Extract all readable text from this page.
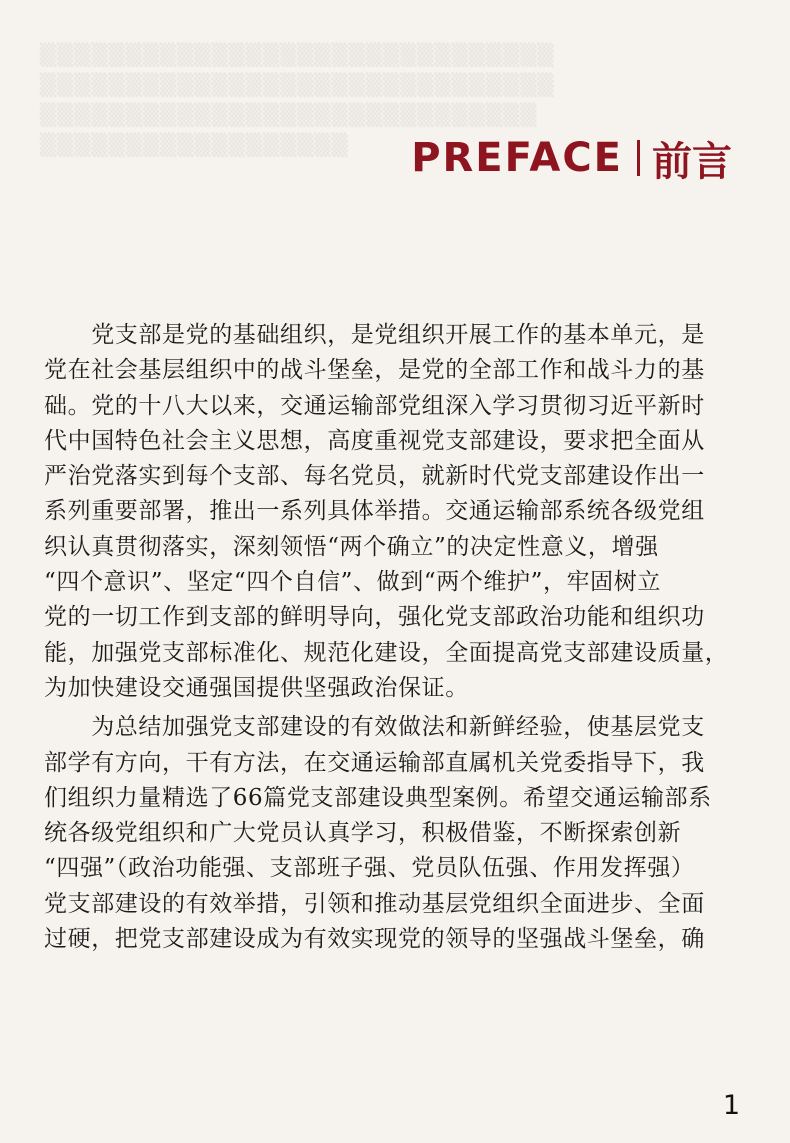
▒▒▒▒▒▒▒▒▒▒▒▒▒▒▒▒▒▒▒▒▒▒▒▒▒▒▒▒▒▒
▒▒▒▒▒▒▒▒▒▒▒▒▒▒▒▒▒▒▒▒▒▒▒▒▒▒▒▒▒▒
▒▒▒▒▒▒▒▒▒▒▒▒▒▒▒▒▒▒▒▒▒▒▒▒▒▒▒▒▒
▒▒▒▒▒▒▒▒▒▒▒▒▒▒▒▒▒▒	PREFACE 前言
　　党支部是党的基础组织，是党组织开展工作的基本单元，是
党在社会基层组织中的战斗堡垒，是党的全部工作和战斗力的基
础。党的十八大以来，交通运输部党组深入学习贯彻习近平新时
代中国特色社会主义思想，高度重视党支部建设，要求把全面从
严治党落实到每个支部、每名党员，就新时代党支部建设作出一
系列重要部署，推出一系列具体举措。交通运输部系统各级党组
织认真贯彻落实，深刻领悟“两个确立”的决定性意义，增强
“四个意识”、坚定“四个自信”、做到“两个维护”，牢固树立
党的一切工作到支部的鲜明导向，强化党支部政治功能和组织功
能，加强党支部标准化、规范化建设，全面提高党支部建设质量，
为加快建设交通强国提供坚强政治保证。
　　为总结加强党支部建设的有效做法和新鲜经验，使基层党支
部学有方向，干有方法，在交通运输部直属机关党委指导下，我
们组织力量精选了66篇党支部建设典型案例。希望交通运输部系
统各级党组织和广大党员认真学习，积极借鉴，不断探索创新
“四强”（政治功能强、支部班子强、党员队伍强、作用发挥强）
党支部建设的有效举措，引领和推动基层党组织全面进步、全面
过硬，把党支部建设成为有效实现党的领导的坚强战斗堡垒，确
1
